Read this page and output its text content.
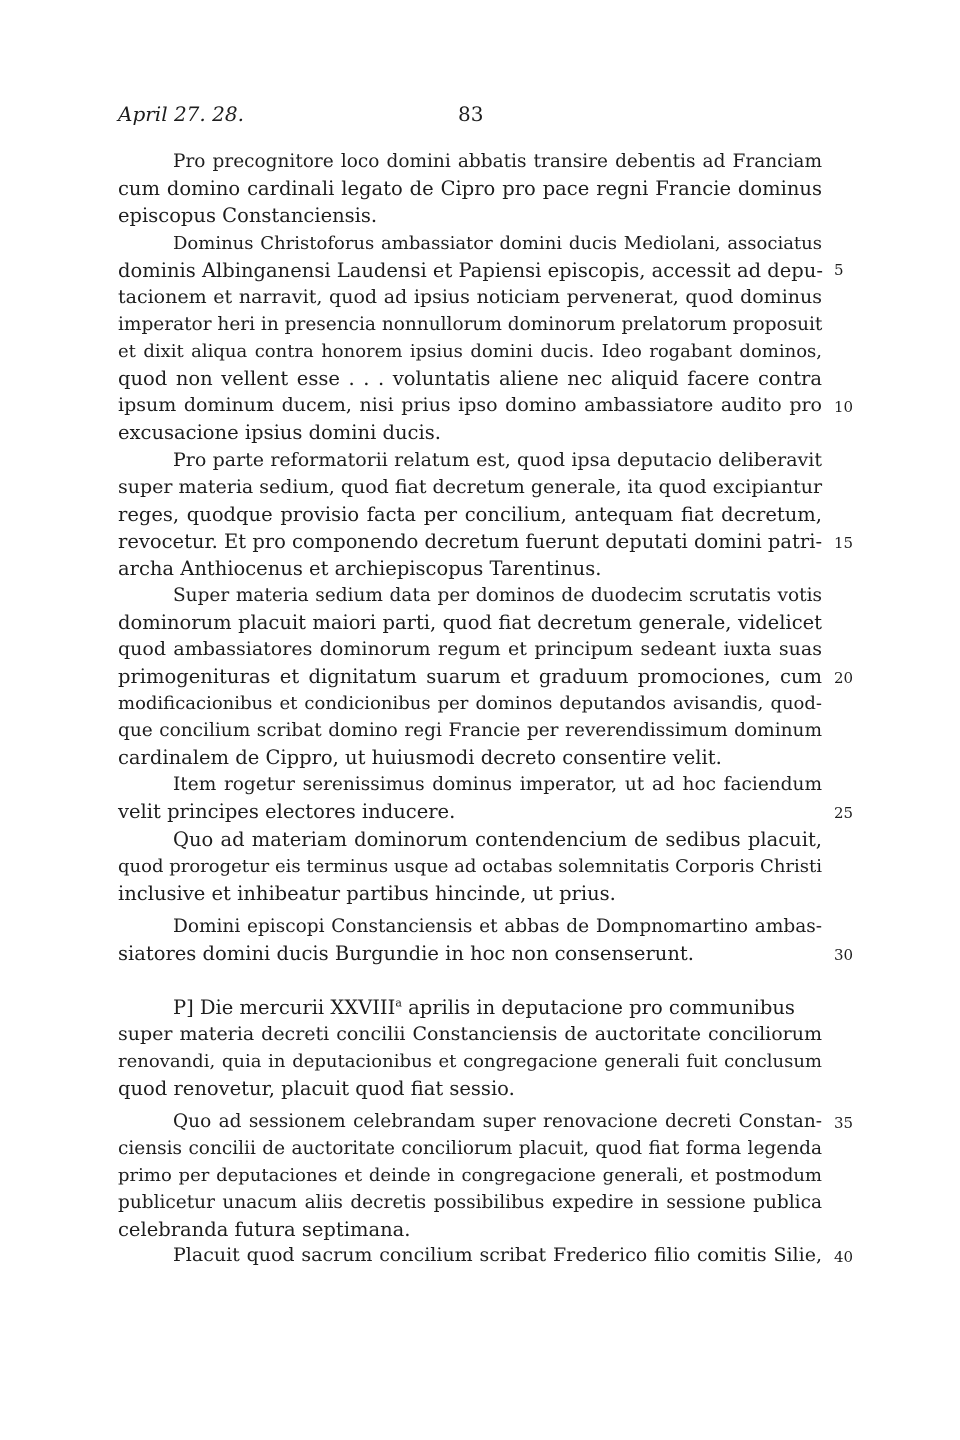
April 27. 28.	83
Pro precognitore loco domini abbatis transire debentis ad Franciam
cum domino cardinali legato de Cipro pro pace regni Francie dominus
episcopus Constanciensis.
Dominus Christoforus ambassiator domini ducis Mediolani, associatus
dominis Albinganensi Laudensi et Papiensi episcopis, accessit ad depu-
tacionem et narravit, quod ad ipsius noticiam pervenerat, quod dominus
imperator heri in presencia nonnullorum dominorum prelatorum proposuit
et dixit aliqua contra honorem ipsius domini ducis. Ideo rogabant dominos,
quod non vellent esse . . . voluntatis aliene nec aliquid facere contra
ipsum dominum ducem, nisi prius ipso domino ambassiatore audito pro
excusacione ipsius domini ducis.
Pro parte reformatorii relatum est, quod ipsa deputacio deliberavit
super materia sedium, quod fiat decretum generale, ita quod excipiantur
reges, quodque provisio facta per concilium, antequam fiat decretum,
revocetur. Et pro componendo decretum fuerunt deputati domini patri-
archa Anthiocenus et archiepiscopus Tarentinus.
Super materia sedium data per dominos de duodecim scrutatis votis
dominorum placuit maiori parti, quod fiat decretum generale, videlicet
quod ambassiatores dominorum regum et principum sedeant iuxta suas
primogenituras et dignitatum suarum et graduum promociones, cum
modificacionibus et condicionibus per dominos deputandos avisandis, quod-
que concilium scribat domino regi Francie per reverendissimum dominum
cardinalem de Cippro, ut huiusmodi decreto consentire velit.
Item rogetur serenissimus dominus imperator, ut ad hoc faciendum
velit principes electores inducere.
Quo ad materiam dominorum contendencium de sedibus placuit,
quod prorogetur eis terminus usque ad octabas solemnitatis Corporis Christi
inclusive et inhibeatur partibus hincinde, ut prius.
Domini episcopi Constanciensis et abbas de Dompnomartino ambas-
siatores domini ducis Burgundie in hoc non consenserunt.
P] Die mercurii XXVIII$^a$ aprilis in deputacione pro communibus
super materia decreti concilii Constanciensis de auctoritate conciliorum
renovandi, quia in deputacionibus et congregacione generali fuit conclusum
quod renovetur, placuit quod fiat sessio.
Quo ad sessionem celebrandam super renovacione decreti Constan-
ciensis concilii de auctoritate conciliorum placuit, quod fiat forma legenda
primo per deputaciones et deinde in congregacione generali, et postmodum
publicetur unacum aliis decretis possibilibus expedire in sessione publica
celebranda futura septimana.
Placuit quod sacrum concilium scribat Frederico filio comitis Silie,
5
10
15
20
25
30
35
40
